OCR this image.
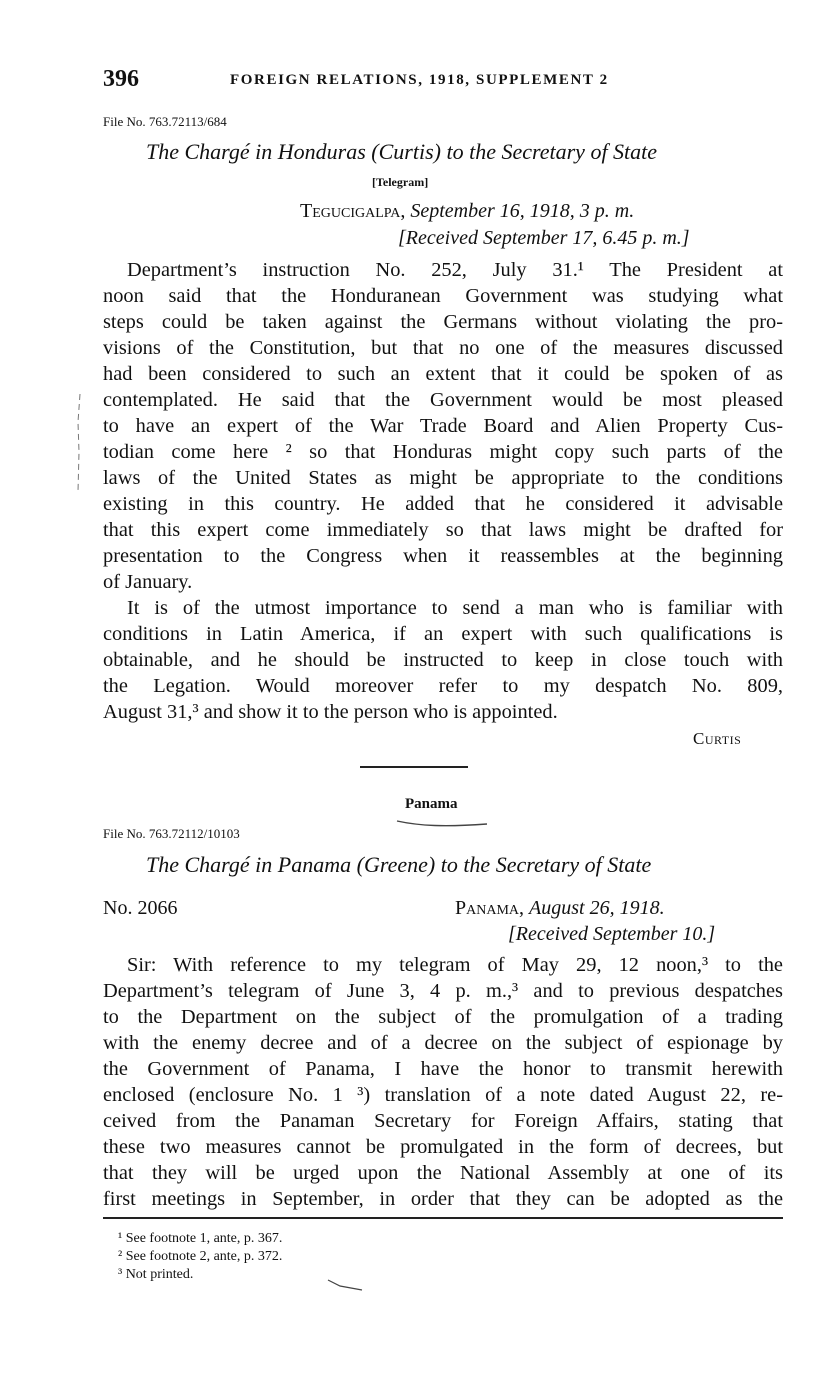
396	FOREIGN RELATIONS, 1918, SUPPLEMENT 2
File No. 763.72113/684
The Chargé in Honduras (Curtis) to the Secretary of State
[Telegram]
Tegucigalpa, September 16, 1918, 3 p. m.
[Received September 17, 6.45 p. m.]
Department’s instruction No. 252, July 31.¹ The President at
noon said that the Honduranean Government was studying what
steps could be taken against the Germans without violating the pro-
visions of the Constitution, but that no one of the measures discussed
had been considered to such an extent that it could be spoken of as
contemplated. He said that the Government would be most pleased
to have an expert of the War Trade Board and Alien Property Cus-
todian come here ² so that Honduras might copy such parts of the
laws of the United States as might be appropriate to the conditions
existing in this country. He added that he considered it advisable
that this expert come immediately so that laws might be drafted for
presentation to the Congress when it reassembles at the beginning
of January.
It is of the utmost importance to send a man who is familiar with
conditions in Latin America, if an expert with such qualifications is
obtainable, and he should be instructed to keep in close touch with
the Legation. Would moreover refer to my despatch No. 809,
August 31,³ and show it to the person who is appointed.
Curtis
Panama
File No. 763.72112/10103
The Chargé in Panama (Greene) to the Secretary of State
No. 2066	Panama, August 26, 1918.
[Received September 10.]
Sir: With reference to my telegram of May 29, 12 noon,³ to the
Department’s telegram of June 3, 4 p. m.,³ and to previous despatches
to the Department on the subject of the promulgation of a trading
with the enemy decree and of a decree on the subject of espionage by
the Government of Panama, I have the honor to transmit herewith
enclosed (enclosure No. 1 ³) translation of a note dated August 22, re-
ceived from the Panaman Secretary for Foreign Affairs, stating that
these two measures cannot be promulgated in the form of decrees, but
that they will be urged upon the National Assembly at one of its
first meetings in September, in order that they can be adopted as the
¹ See footnote 1, ante, p. 367.
² See footnote 2, ante, p. 372.
³ Not printed.
